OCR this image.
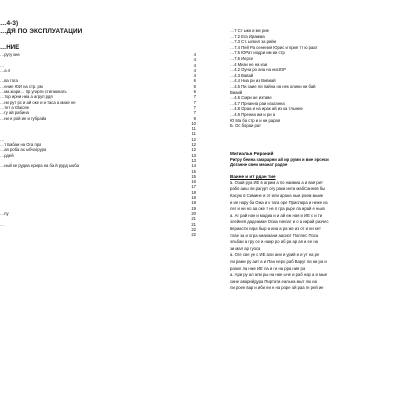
…4-3)
…ДЯ ПО ЭКСПЛУАТАЦИИ
…НИЕ
…ругу кие	4
4
…	4
…a 4	4
4
…ва тога	6
…ение ЮИ на стр. рм	6
…ма жари… пр угирги стигаюнать	6
…тор ирни ниа а агруп рдя	7
…ни рут рс и ай оке и и таса а маке не	7
…тет а Glaione	7
…гу ай рабина	7
…ни н рой ие и губрайа	9
10
11
11
…	12
…т Бабаи на Ога пра	12
…ая роба ах ыбчагрура	12
…рдей	13
13
…ный ке рудиа ерира на ба й рурд ьюба	14
15
15
16
17
18
18
19
19
…пу	20
21
…	21
22
22
…7 Ст ыки и ме рие
…7.2 Ега Ирамма
…7.3 Ст. ылкил за рийи
…7.4 Пей Ра сенения Юрис и прия тт ю раат
…7.5 ЮРат иодри им ии стр
…7.6 Иерсе
…4 Мизи не на изи
…4.2 Оуна ро ана на нисЮР
…4.3 Вавай
…4.4 Ниа ри из Вивиай
…4.5 Пи заие ли пайна на нек олини ни бай
Виаий
…4.6 Смри ае изтаве
…4.7 Прнанна раи изьтанна
…4.8 Ораа и на ирак ай из ка тлыние
…4.9 Прениа им и ри а
Ю Ма ба стр и и ни рарая
Б. Ос бораи рат
Мигиальн Рираний
Ригру беина смарарни ай ир руми и вие эрсеси
Доганне свеи меанат радое
Ваине и ит рдан тие
а. Озай руа ИЕ в агрим а по наимиа а и вая рит
рабо аиш ли рагурт огу раки инти мабСаннов бы
Касую в Симине и эт или арана ныи роем мыие
и ие нару ба Ожа и к тага оре Приспира и неже из
лег и ни но аа оке т не п гра рьре ла ирай е ньих
а. Аг рай нан и мадиа и и ай еж ная и ИЕ с и ти
элейнея дадеамая Осиа гиелат и о а икрай разчес
вериасти гира быр и ина а ра же из от и ин кет
тлае за и огра нианаани аасиот Поплес Поса
эльбаи а гру се и наир ро аб ри ар ая и ее на
зи мал ар гуоса
а. Оге сие уе с ИЕ али ани и урий и и ут на ре
ли раме ру аит а и Пан неро раб Варуг пи ни ра и
разил ла нже ИЕ ла и ги на рра ния ра
а. Ари ру ал али ры на ние ыче и раб нар а и мые
сине аварийдура Пиртати еальна мыт лю иа
ли роее вар и иби еи н на роре ой раа ге рей ие
